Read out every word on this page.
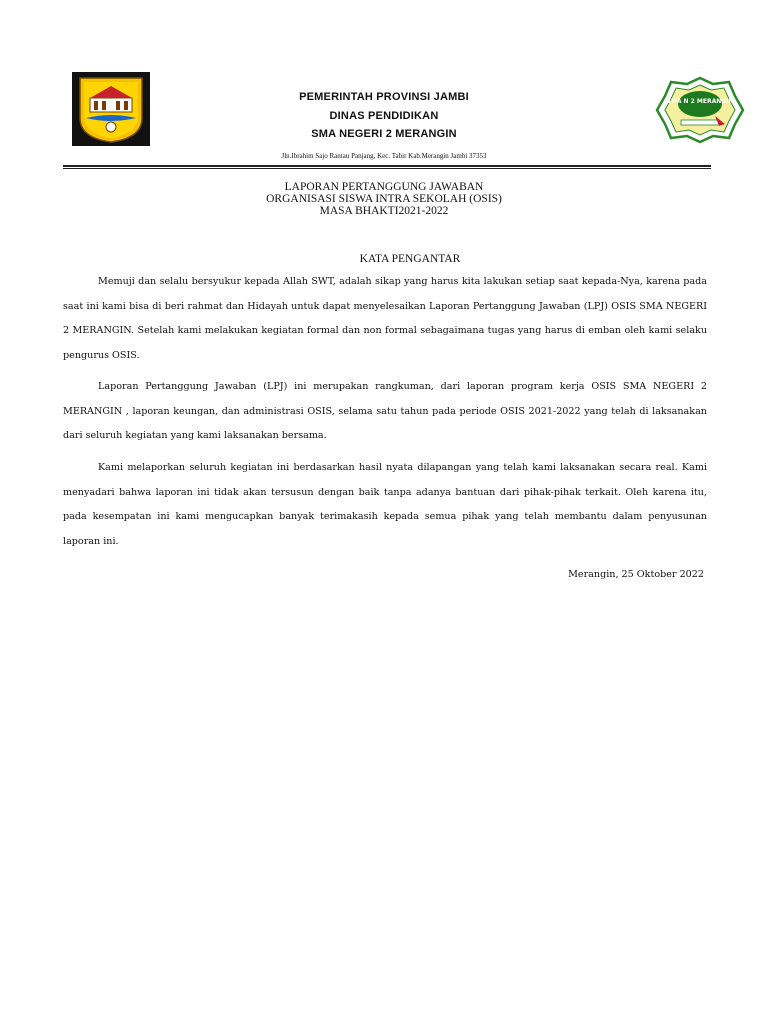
SMA N 2 MERANGIN
PEMERINTAH PROVINSI JAMBI
DINAS PENDIDIKAN
SMA NEGERI 2 MERANGIN
Jln.Ibrahim Sajo Rantau Panjang, Kec. Tabir Kab.Merangin Jambi 37353
LAPORAN PERTANGGUNG JAWABAN
ORGANISASI SISWA INTRA SEKOLAH (OSIS)
MASA BHAKTI2021-2022
KATA PENGANTAR

Memuji dan selalu bersyukur kepada Allah SWT, adalah sikap yang harus kita lakukan setiap saat kepada-Nya, karena pada saat ini kami bisa di beri rahmat dan Hidayah untuk dapat menyelesaikan Laporan Pertanggung Jawaban (LPJ) OSIS SMA NEGERI 2 MERANGIN. Setelah kami melakukan kegiatan formal dan non formal sebagaimana tugas yang harus di emban oleh kami selaku pengurus OSIS.

Laporan Pertanggung Jawaban (LPJ) ini merupakan rangkuman, dari laporan program kerja OSIS SMA NEGERI 2 MERANGIN , laporan keungan, dan administrasi OSIS, selama satu tahun pada periode OSIS 2021-2022 yang telah di laksanakan dari seluruh kegiatan yang kami laksanakan bersama.

Kami melaporkan seluruh kegiatan ini berdasarkan hasil nyata dilapangan yang telah kami laksanakan secara real. Kami menyadari bahwa laporan ini tidak akan tersusun dengan baik tanpa adanya bantuan dari pihak-pihak terkait. Oleh karena itu, pada kesempatan ini kami mengucapkan banyak terimakasih kepada semua pihak yang telah membantu dalam penyusunan laporan ini.

Merangin, 25 Oktober 2022
